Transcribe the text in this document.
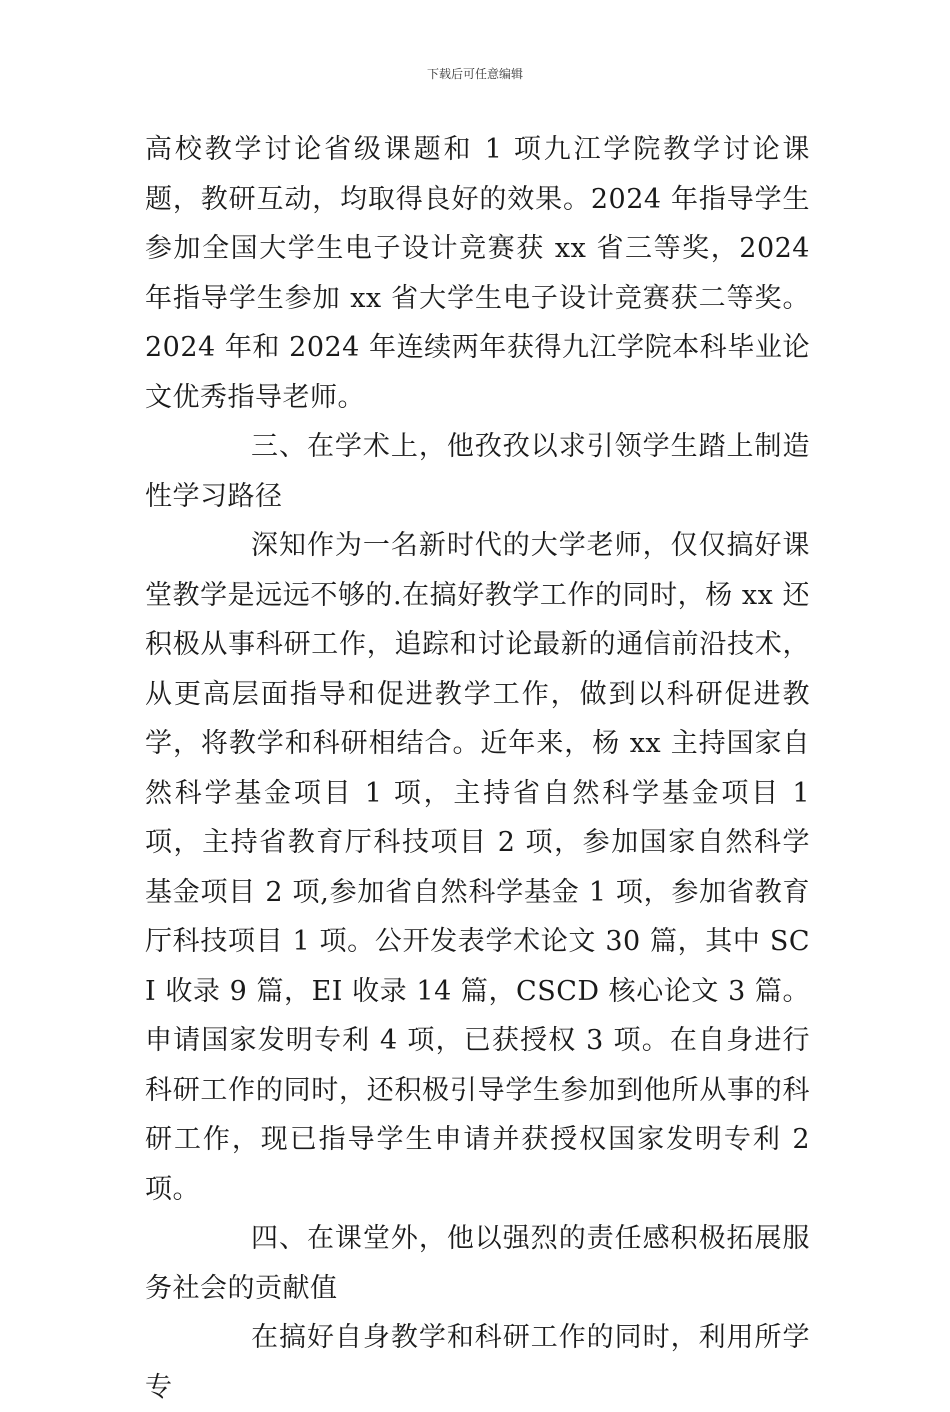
下载后可任意编辑

高校教学讨论省级课题和 1 项九江学院教学讨论课题，教研互动，均取得良好的效果。2024 年指导学生参加全国大学生电子设计竞赛获 xx 省三等奖，2024 年指导学生参加 xx 省大学生电子设计竞赛获二等奖。2024 年和 2024 年连续两年获得九江学院本科毕业论文优秀指导老师。

三、在学术上，他孜孜以求引领学生踏上制造性学习路径

深知作为一名新时代的大学老师，仅仅搞好课堂教学是远远不够的.在搞好教学工作的同时，杨 xx 还积极从事科研工作，追踪和讨论最新的通信前沿技术，从更高层面指导和促进教学工作，做到以科研促进教学，将教学和科研相结合。近年来，杨 xx 主持国家自然科学基金项目 1 项，主持省自然科学基金项目 1 项，主持省教育厅科技项目 2 项，参加国家自然科学基金项目 2 项,参加省自然科学基金 1 项，参加省教育厅科技项目 1 项。公开发表学术论文 30 篇，其中 SCI 收录 9 篇，EI 收录 14 篇，CSCD 核心论文 3 篇。申请国家发明专利 4 项，已获授权 3 项。在自身进行科研工作的同时，还积极引导学生参加到他所从事的科研工作，现已指导学生申请并获授权国家发明专利 2 项。

四、在课堂外，他以强烈的责任感积极拓展服务社会的贡献值

在搞好自身教学和科研工作的同时，利用所学专
